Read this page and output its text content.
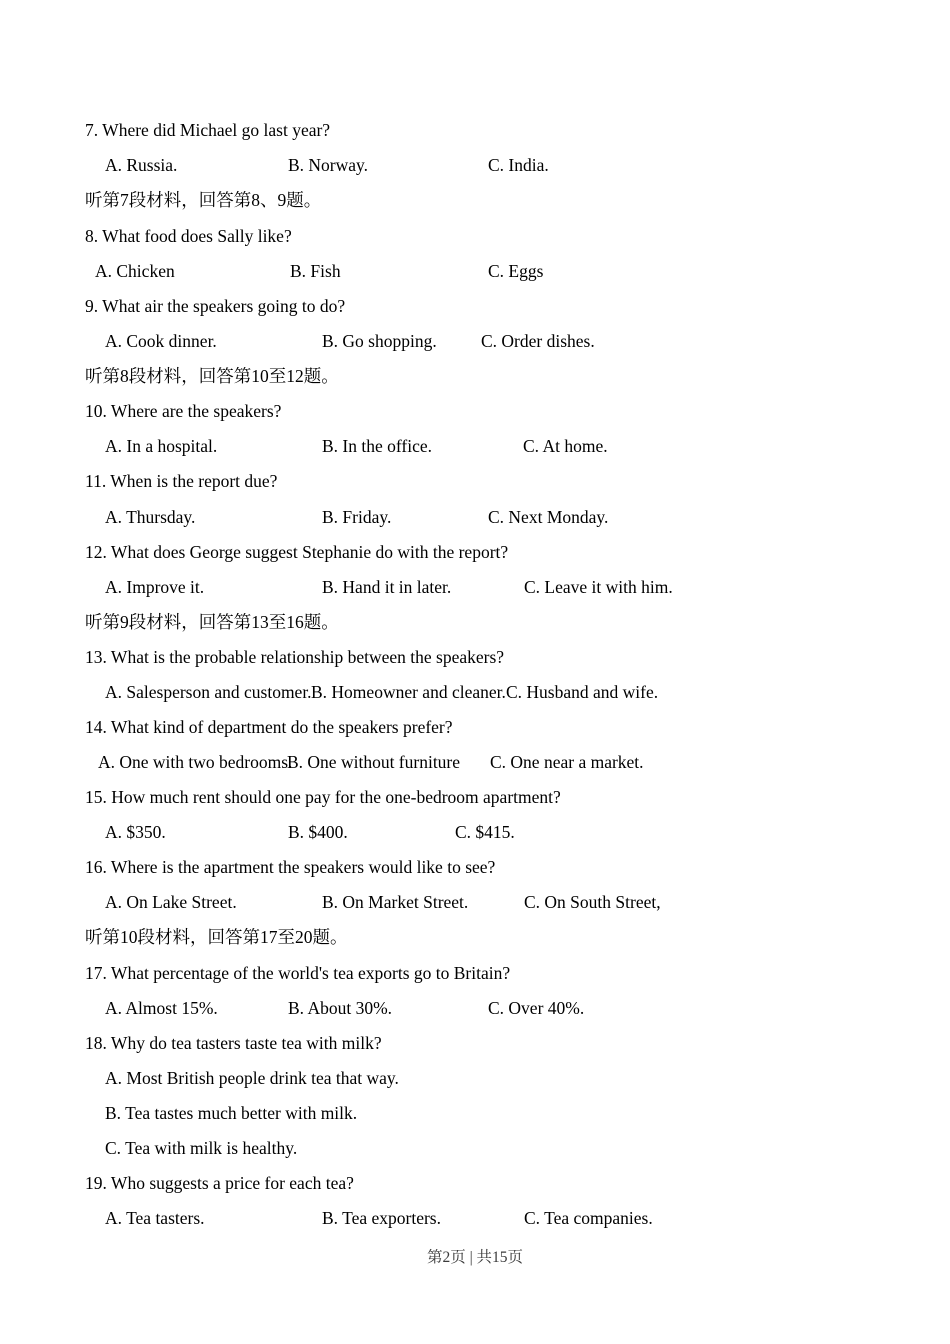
7. Where did Michael go last year?
A. Russia.	B. Norway.	C. India.
听第7段材料，回答第8、9题。
8. What food does Sally like?
A. Chicken	B. Fish	C. Eggs
9. What air the speakers going to do?
A. Cook dinner.	B. Go shopping.	C. Order dishes.
听第8段材料，回答第10至12题。
10. Where are the speakers?
A. In a hospital.	B. In the office.	C. At home.
11. When is the report due?
A. Thursday.	B. Friday.	C. Next Monday.
12. What does George suggest Stephanie do with the report?
A. Improve it.	B. Hand it in later.	C. Leave it with him.
听第9段材料，回答第13至16题。
13. What is the probable relationship between the speakers?
A. Salesperson and customer. B. Homeowner and cleaner. C. Husband and wife.
14. What kind of department do the speakers prefer?
A. One with two bedrooms.
B. One without furniture C. One near a market.
15. How much rent should one pay for the one-bedroom apartment?
A. $350.	B. $400.	C. $415.
16. Where is the apartment the speakers would like to see?
A. On Lake Street.	B. On Market Street.	C. On South Street,
听第10段材料，回答第17至20题。
17. What percentage of the world's tea exports go to Britain?
A. Almost 15%.	B. About 30%.	C. Over 40%.
18. Why do tea tasters taste tea with milk?
A. Most British people drink tea that way.
B. Tea tastes much better with milk.
C. Tea with milk is healthy.
19. Who suggests a price for each tea?
A. Tea tasters.	B. Tea exporters.	C. Tea companies.
第2页 | 共15页
